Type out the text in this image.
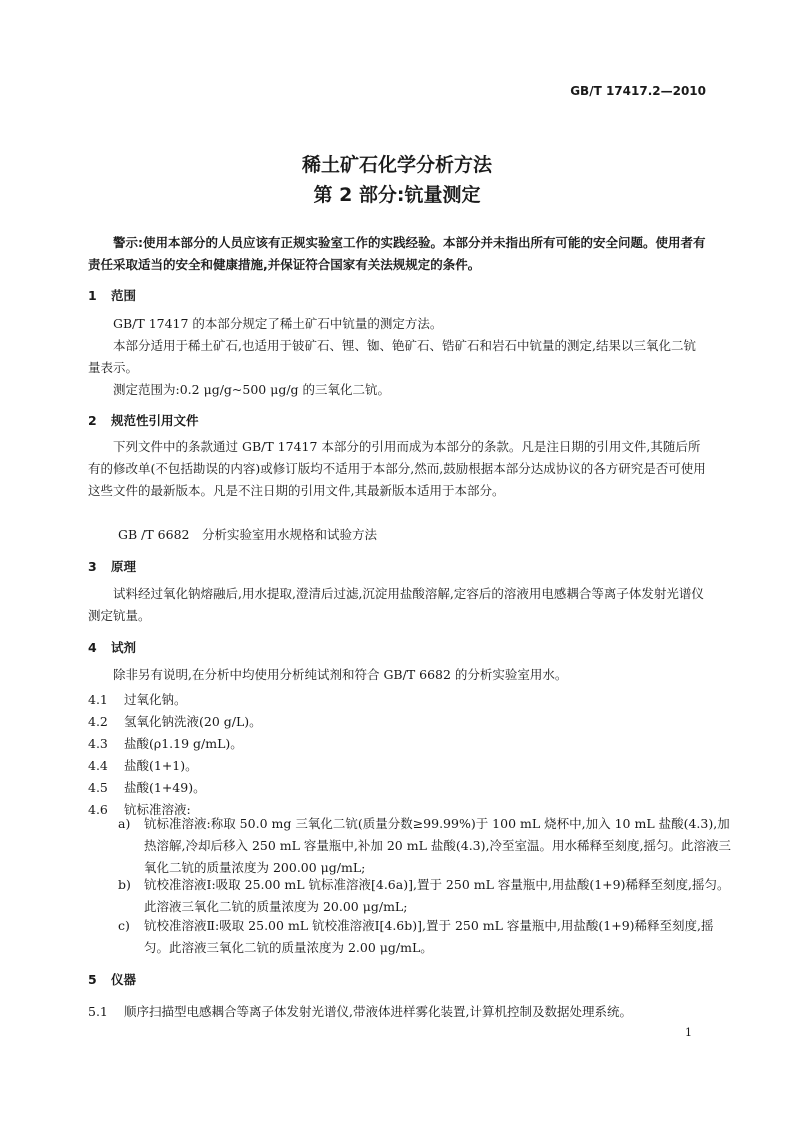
GB/T 17417.2—2010
稀土矿石化学分析方法
第 2 部分:钪量测定
警示:使用本部分的人员应该有正规实验室工作的实践经验。本部分并未指出所有可能的安全问题。使用者有责任采取适当的安全和健康措施,并保证符合国家有关法规规定的条件。
1 范围
GB/T 17417 的本部分规定了稀土矿石中钪量的测定方法。
本部分适用于稀土矿石,也适用于铍矿石、锂、铷、铯矿石、锆矿石和岩石中钪量的测定,结果以三氧化二钪量表示。
测定范围为:0.2 μg/g~500 μg/g 的三氧化二钪。
2 规范性引用文件
下列文件中的条款通过 GB/T 17417 本部分的引用而成为本部分的条款。凡是注日期的引用文件,其随后所有的修改单(不包括勘误的内容)或修订版均不适用于本部分,然而,鼓励根据本部分达成协议的各方研究是否可使用这些文件的最新版本。凡是不注日期的引用文件,其最新版本适用于本部分。
GB /T 6682　分析实验室用水规格和试验方法
3 原理
试料经过氧化钠熔融后,用水提取,澄清后过滤,沉淀用盐酸溶解,定容后的溶液用电感耦合等离子体发射光谱仪测定钪量。
4 试剂
除非另有说明,在分析中均使用分析纯试剂和符合 GB/T 6682 的分析实验室用水。
4.1 过氧化钠。
4.2 氢氧化钠洗液(20 g/L)。
4.3 盐酸(ρ1.19 g/mL)。
4.4 盐酸(1+1)。
4.5 盐酸(1+49)。
4.6 钪标准溶液:
a) 钪标准溶液:称取 50.0 mg 三氧化二钪(质量分数≥99.99%)于 100 mL 烧杯中,加入 10 mL 盐酸(4.3),加热溶解,冷却后移入 250 mL 容量瓶中,补加 20 mL 盐酸(4.3),冷至室温。用水稀释至刻度,摇匀。此溶液三氧化二钪的质量浓度为 200.00 μg/mL;
b) 钪校准溶液Ⅰ:吸取 25.00 mL 钪标准溶液[4.6a)],置于 250 mL 容量瓶中,用盐酸(1+9)稀释至刻度,摇匀。此溶液三氧化二钪的质量浓度为 20.00 μg/mL;
c) 钪校准溶液Ⅱ:吸取 25.00 mL 钪校准溶液Ⅰ[4.6b)],置于 250 mL 容量瓶中,用盐酸(1+9)稀释至刻度,摇匀。此溶液三氧化二钪的质量浓度为 2.00 μg/mL。
5 仪器
5.1 顺序扫描型电感耦合等离子体发射光谱仪,带液体进样雾化装置,计算机控制及数据处理系统。
1
